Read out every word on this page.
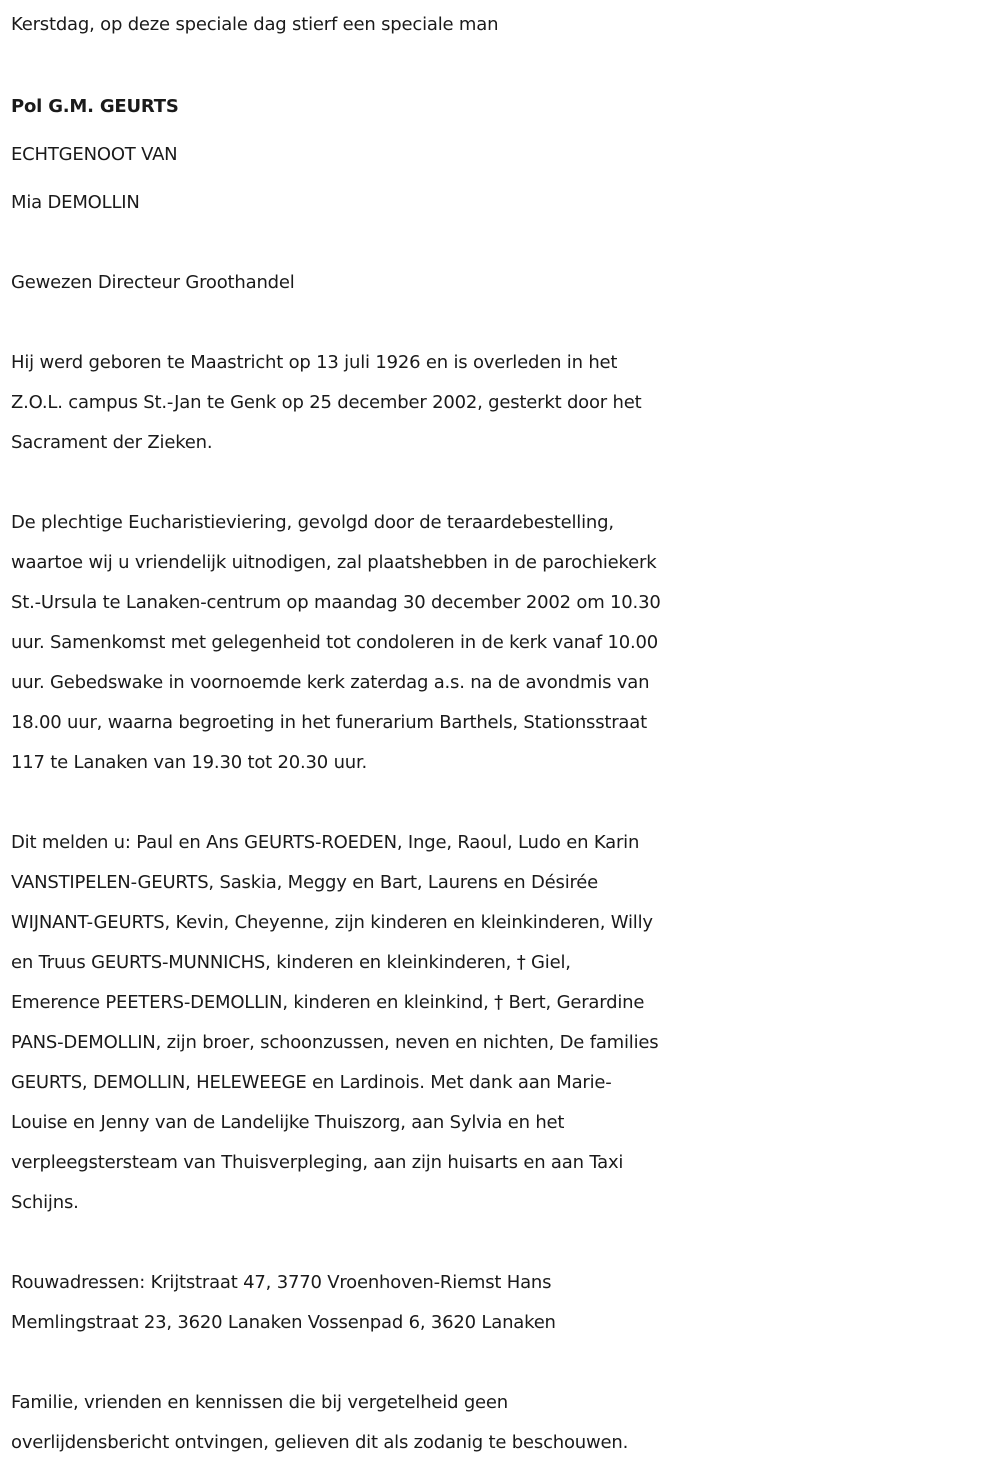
Kerstdag, op deze speciale dag stierf een speciale man
Pol G.M. GEURTS
ECHTGENOOT VAN
Mia DEMOLLIN
Gewezen Directeur Groothandel
Hij werd geboren te Maastricht op 13 juli 1926 en is overleden in het
Z.O.L. campus St.-Jan te Genk op 25 december 2002, gesterkt door het
Sacrament der Zieken.
De plechtige Eucharistieviering, gevolgd door de teraardebestelling,
waartoe wij u vriendelijk uitnodigen, zal plaatshebben in de parochiekerk
St.-Ursula te Lanaken-centrum op maandag 30 december 2002 om 10.30
uur. Samenkomst met gelegenheid tot condoleren in de kerk vanaf 10.00
uur. Gebedswake in voornoemde kerk zaterdag a.s. na de avondmis van
18.00 uur, waarna begroeting in het funerarium Barthels, Stationsstraat
117 te Lanaken van 19.30 tot 20.30 uur.
Dit melden u: Paul en Ans GEURTS-ROEDEN, Inge, Raoul, Ludo en Karin
VANSTIPELEN-GEURTS, Saskia, Meggy en Bart, Laurens en Désirée
WIJNANT-GEURTS, Kevin, Cheyenne, zijn kinderen en kleinkinderen, Willy
en Truus GEURTS-MUNNICHS, kinderen en kleinkinderen, † Giel,
Emerence PEETERS-DEMOLLIN, kinderen en kleinkind, † Bert, Gerardine
PANS-DEMOLLIN, zijn broer, schoonzussen, neven en nichten, De families
GEURTS, DEMOLLIN, HELEWEEGE en Lardinois. Met dank aan Marie-
Louise en Jenny van de Landelijke Thuiszorg, aan Sylvia en het
verpleegstersteam van Thuisverpleging, aan zijn huisarts en aan Taxi
Schijns.
Rouwadressen: Krijtstraat 47, 3770 Vroenhoven-Riemst Hans
Memlingstraat 23, 3620 Lanaken Vossenpad 6, 3620 Lanaken
Familie, vrienden en kennissen die bij vergetelheid geen
overlijdensbericht ontvingen, gelieven dit als zodanig te beschouwen.
